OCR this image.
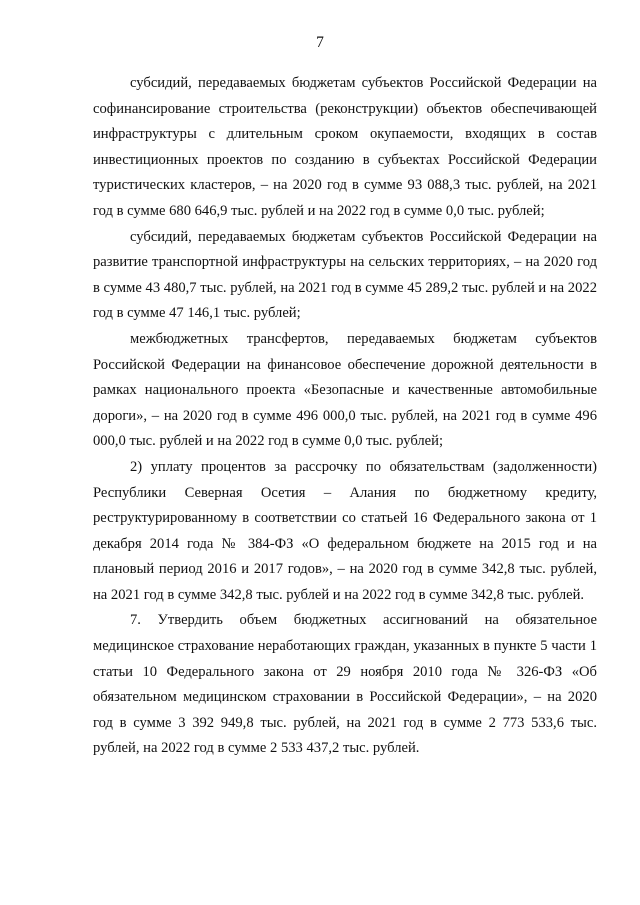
7

субсидий, передаваемых бюджетам субъектов Российской Федерации на софинансирование строительства (реконструкции) объектов обеспечивающей инфраструктуры с длительным сроком окупаемости, входящих в состав инвестиционных проектов по созданию в субъектах Российской Федерации туристических кластеров, – на 2020 год в сумме 93 088,3 тыс. рублей, на 2021 год в сумме 680 646,9 тыс. рублей и на 2022 год в сумме 0,0 тыс. рублей;

субсидий, передаваемых бюджетам субъектов Российской Федерации на развитие транспортной инфраструктуры на сельских территориях, – на 2020 год в сумме 43 480,7 тыс. рублей, на 2021 год в сумме 45 289,2 тыс. рублей и на 2022 год в сумме 47 146,1 тыс. рублей;

межбюджетных трансфертов, передаваемых бюджетам субъектов Российской Федерации на финансовое обеспечение дорожной деятельности в рамках национального проекта «Безопасные и качественные автомобильные дороги», – на 2020 год в сумме 496 000,0 тыс. рублей, на 2021 год в сумме 496 000,0 тыс. рублей и на 2022 год в сумме 0,0 тыс. рублей;

2) уплату процентов за рассрочку по обязательствам (задолженности) Республики Северная Осетия – Алания по бюджетному кредиту, реструктурированному в соответствии со статьей 16 Федерального закона от 1 декабря 2014 года № 384-ФЗ «О федеральном бюджете на 2015 год и на плановый период 2016 и 2017 годов», – на 2020 год в сумме 342,8 тыс. рублей, на 2021 год в сумме 342,8 тыс. рублей и на 2022 год в сумме 342,8 тыс. рублей.

7. Утвердить объем бюджетных ассигнований на обязательное медицинское страхование неработающих граждан, указанных в пункте 5 части 1 статьи 10 Федерального закона от 29 ноября 2010 года № 326-ФЗ «Об обязательном медицинском страховании в Российской Федерации», – на 2020 год в сумме 3 392 949,8 тыс. рублей, на 2021 год в сумме 2 773 533,6 тыс. рублей, на 2022 год в сумме 2 533 437,2 тыс. рублей.
